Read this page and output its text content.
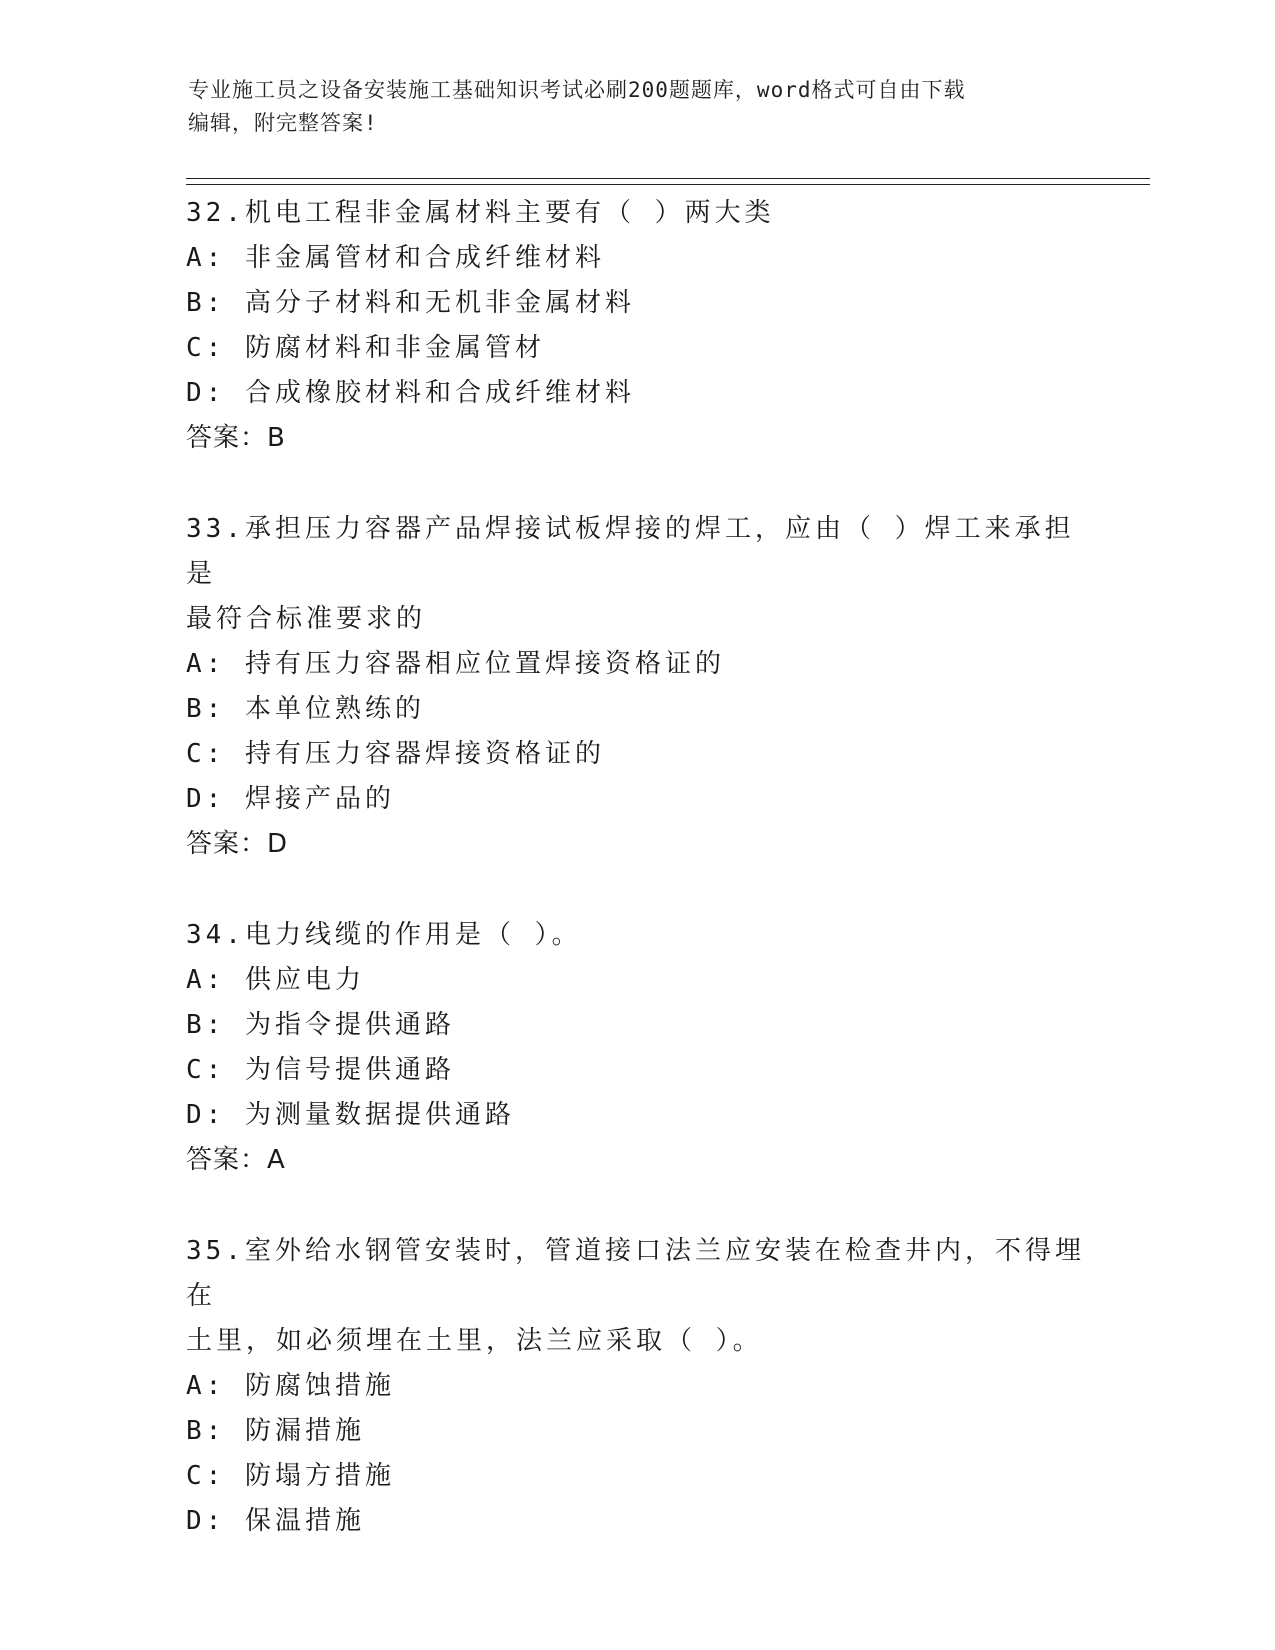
专业施工员之设备安装施工基础知识考试必刷200题题库，word格式可自由下载
编辑，附完整答案!

32.机电工程非金属材料主要有（ ）两大类

A: 非金属管材和合成纤维材料

B: 高分子材料和无机非金属材料

C: 防腐材料和非金属管材

D: 合成橡胶材料和合成纤维材料

答案：B

33.承担压力容器产品焊接试板焊接的焊工，应由（ ）焊工来承担是

最符合标准要求的

A: 持有压力容器相应位置焊接资格证的

B: 本单位熟练的

C: 持有压力容器焊接资格证的

D: 焊接产品的

答案：D

34.电力线缆的作用是（ ）。

A: 供应电力

B: 为指令提供通路

C: 为信号提供通路

D: 为测量数据提供通路

答案：A

35.室外给水钢管安装时，管道接口法兰应安装在检查井内，不得埋在

土里，如必须埋在土里，法兰应采取（ ）。

A: 防腐蚀措施

B: 防漏措施

C: 防塌方措施

D: 保温措施
